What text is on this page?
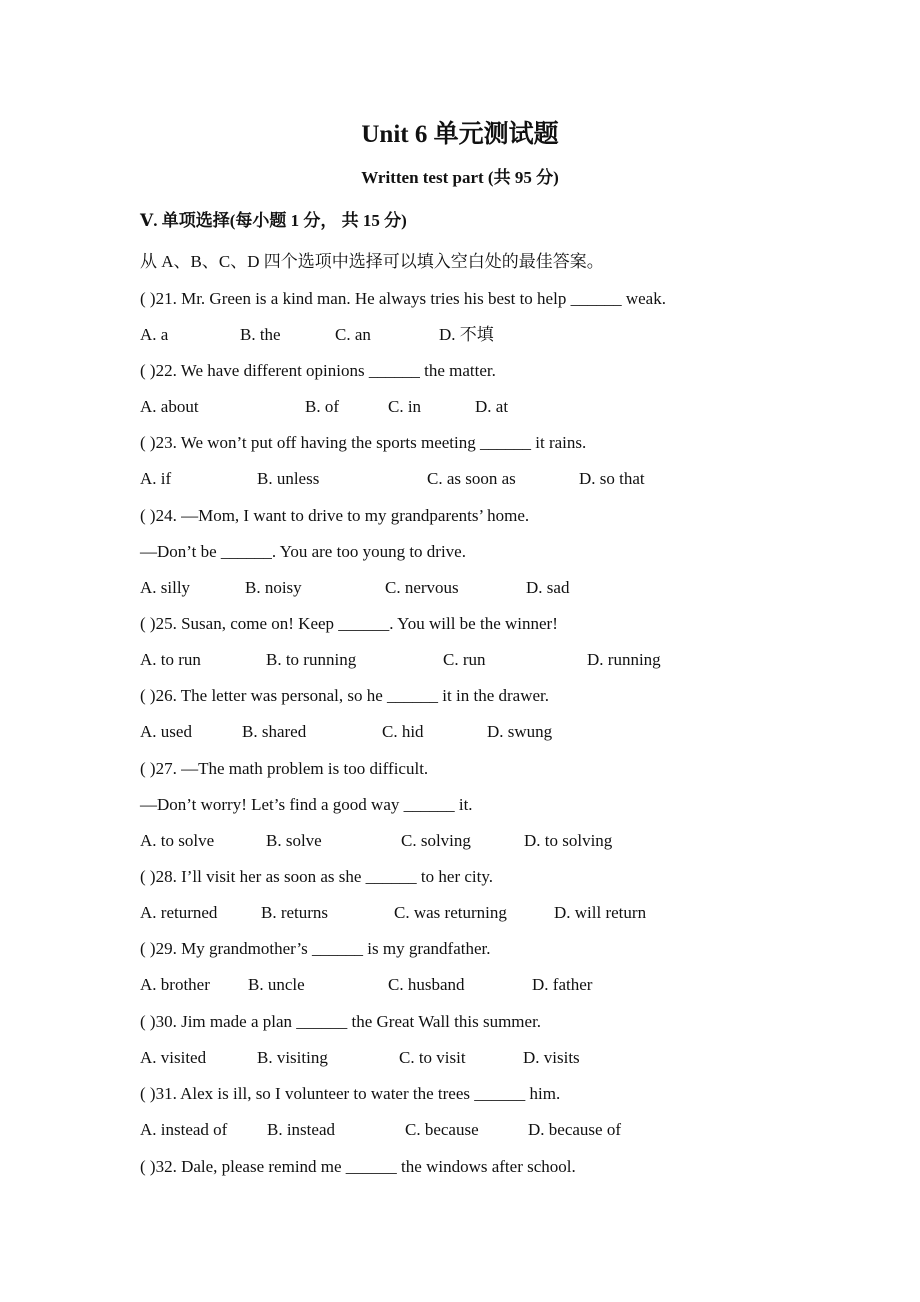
Unit 6 单元测试题
Written test part (共 95 分)
Ⅴ. 单项选择(每小题 1 分， 共 15 分)
从 A、B、C、D 四个选项中选择可以填入空白处的最佳答案。
( )21. Mr. Green is a kind man. He always tries his best to help ______ weak.
A. a	B. the	C. an	D. 不填
( )22. We have different opinions ______ the matter.
A. about	B. of	C. in	D. at
( )23. We won’t put off having the sports meeting ______ it rains.
A. if	B. unless	C. as soon as	D. so that
( )24. —Mom, I want to drive to my grandparents’ home.
—Don’t be ______. You are too young to drive.
A. silly	B. noisy	C. nervous	D. sad
( )25. Susan, come on! Keep ______. You will be the winner!
A. to run	B. to running	C. run	D. running
( )26. The letter was personal, so he ______ it in the drawer.
A. used	B. shared	C. hid	D. swung
( )27. —The math problem is too difficult.
—Don’t worry! Let’s find a good way ______ it.
A. to solve	B. solve	C. solving	D. to solving
( )28. I’ll visit her as soon as she ______ to her city.
A. returned	B. returns	C. was returning	D. will return
( )29. My grandmother’s ______ is my grandfather.
A. brother B. uncle	C. husband	D. father
( )30. Jim made a plan ______ the Great Wall this summer.
A. visited	B. visiting	C. to visit	D. visits
( )31. Alex is ill, so I volunteer to water the trees ______ him.
A. instead of B. instead	C. because	D. because of
( )32. Dale, please remind me ______ the windows after school.
